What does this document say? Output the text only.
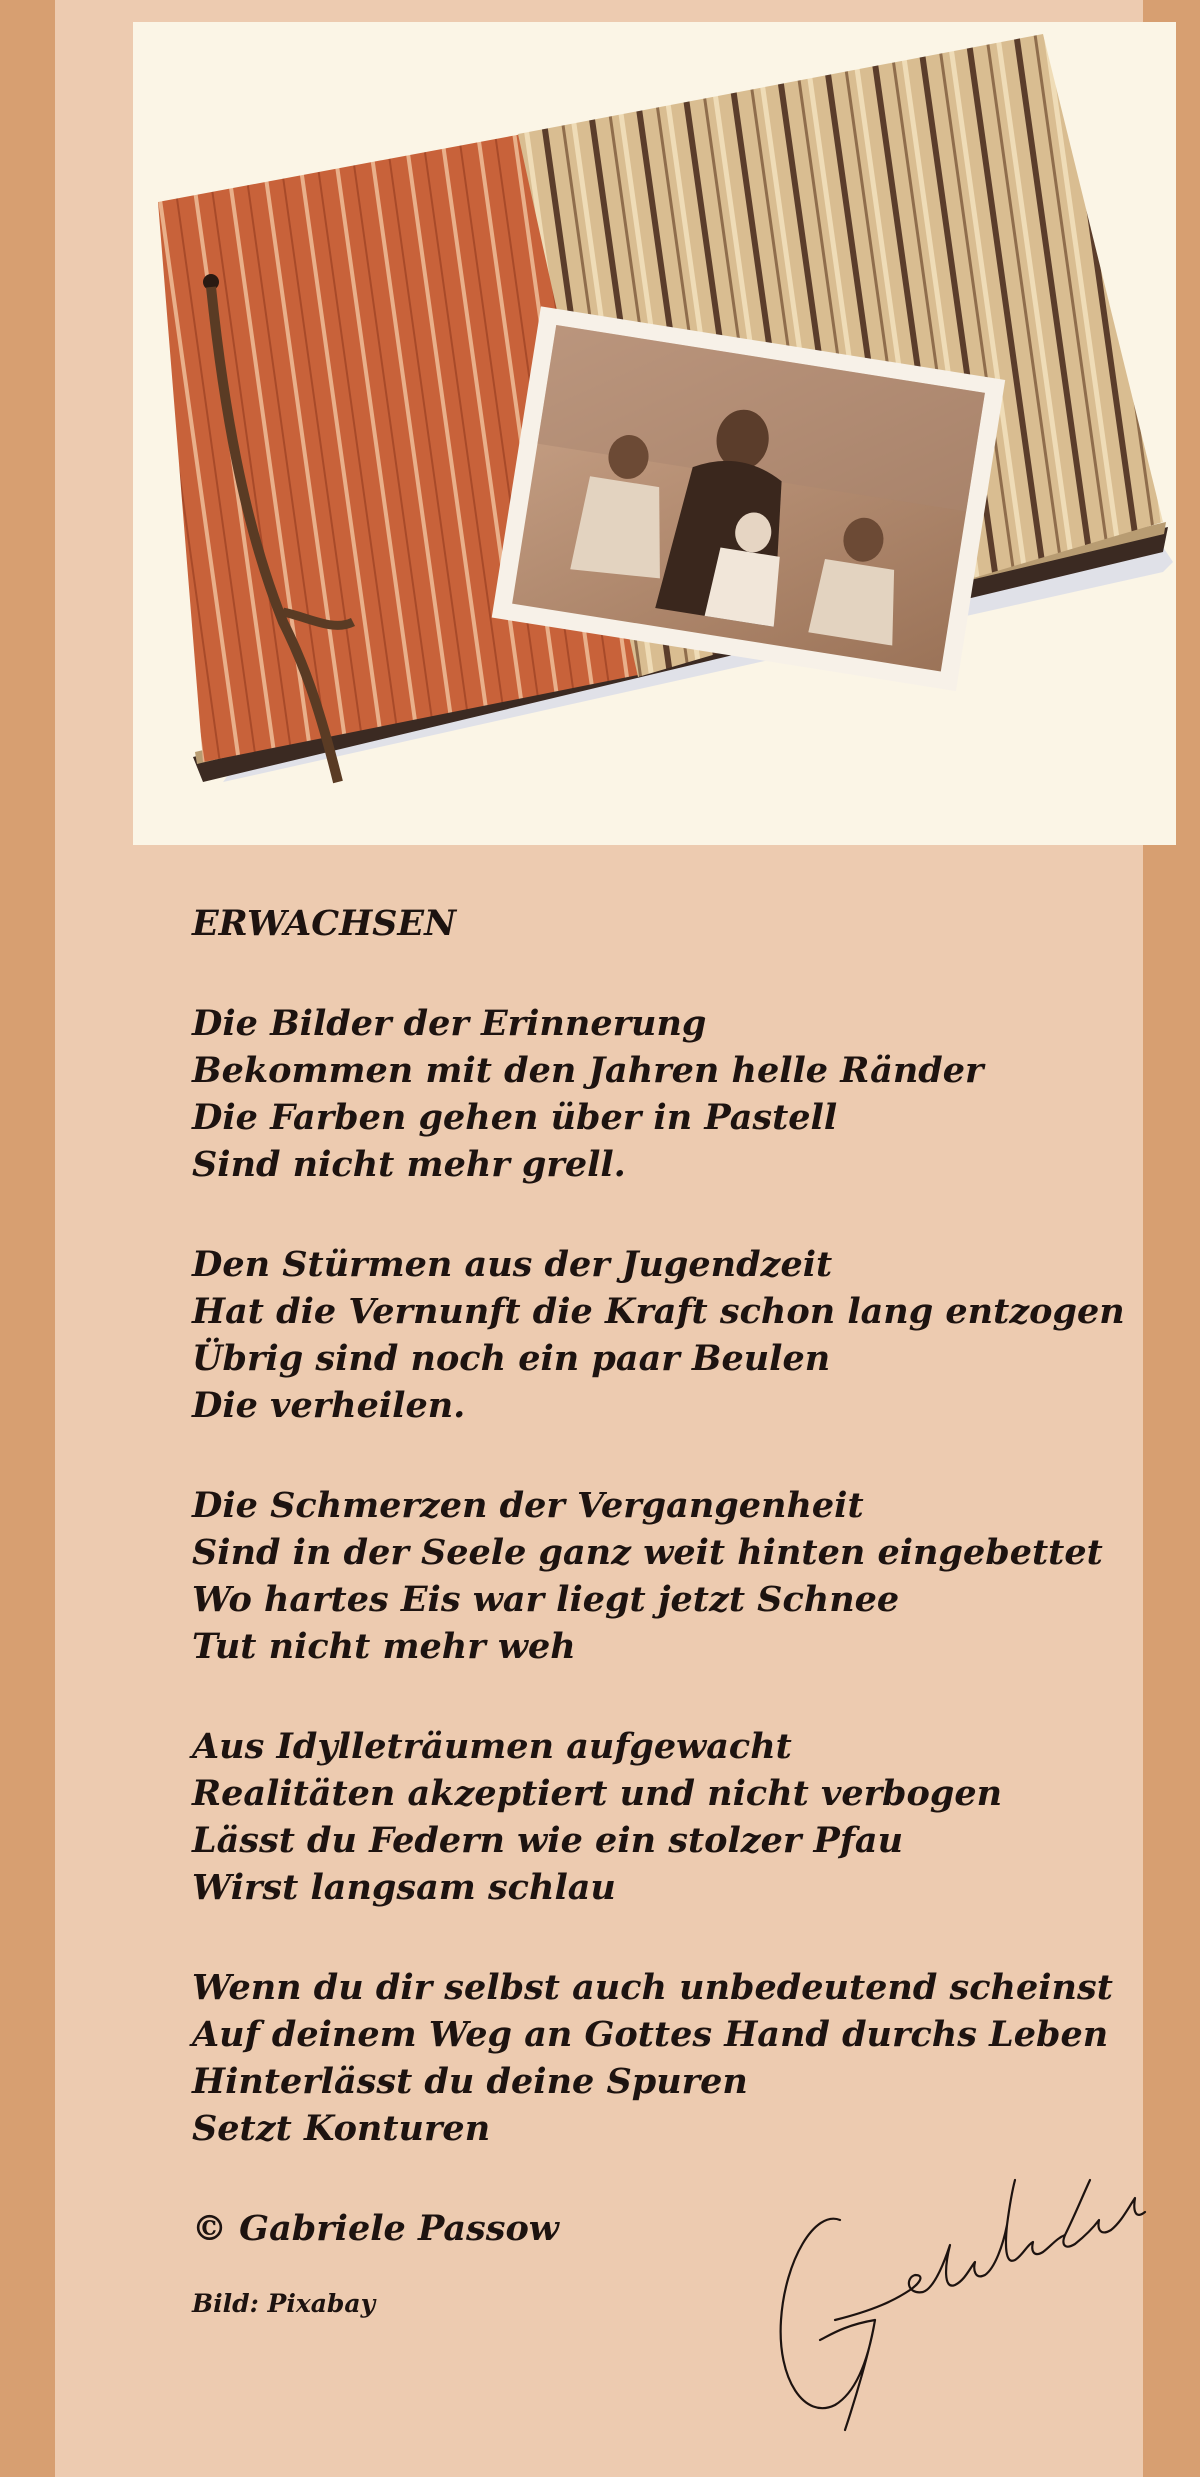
ERWACHSEN
Die Bilder der Erinnerung
Bekommen mit den Jahren helle Ränder
Die Farben gehen über in Pastell
Sind nicht mehr grell.
Den Stürmen aus der Jugendzeit
Hat die Vernunft die Kraft schon lang entzogen
Übrig sind noch ein paar Beulen
Die verheilen.
Die Schmerzen der Vergangenheit
Sind in der Seele ganz weit hinten eingebettet
Wo hartes Eis war liegt jetzt Schnee
Tut nicht mehr weh
Aus Idylleträumen aufgewacht
Realitäten akzeptiert und nicht verbogen
Lässt du Federn wie ein stolzer Pfau
Wirst langsam schlau
Wenn du dir selbst auch unbedeutend scheinst
Auf deinem Weg an Gottes Hand durchs Leben
Hinterlässt du deine Spuren
Setzt Konturen
© Gabriele Passow
Bild: Pixabay
